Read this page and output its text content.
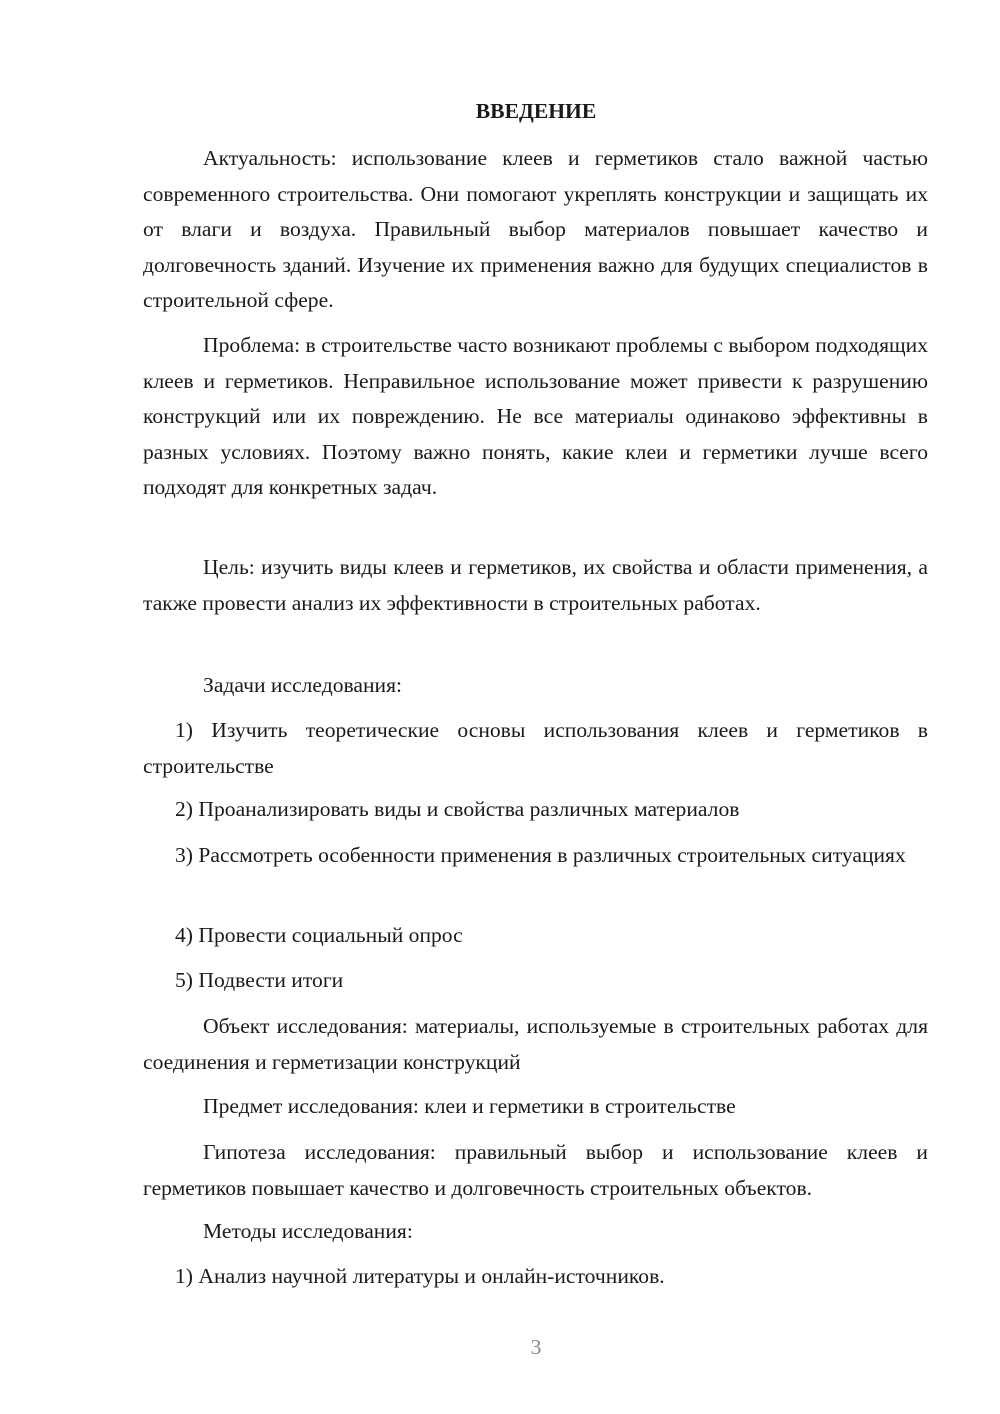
ВВЕДЕНИЕ

Актуальность: использование клеев и герметиков стало важной частью современного строительства. Они помогают укреплять конструкции и защищать их от влаги и воздуха. Правильный выбор материалов повышает качество и долговечность зданий. Изучение их применения важно для будущих специалистов в строительной сфере.

Проблема: в строительстве часто возникают проблемы с выбором подходящих клеев и герметиков. Неправильное использование может привести к разрушению конструкций или их повреждению. Не все материалы одинаково эффективны в разных условиях. Поэтому важно понять, какие клеи и герметики лучше всего подходят для конкретных задач.

Цель: изучить виды клеев и герметиков, их свойства и области применения, а также провести анализ их эффективности в строительных работах.

Задачи исследования:

1) Изучить теоретические основы использования клеев и герметиков в строительстве

2) Проанализировать виды и свойства различных материалов

3) Рассмотреть особенности применения в различных строительных ситуациях

4) Провести социальный опрос

5) Подвести итоги

Объект исследования: материалы, используемые в строительных работах для соединения и герметизации конструкций

Предмет исследования: клеи и герметики в строительстве

Гипотеза исследования: правильный выбор и использование клеев и герметиков повышает качество и долговечность строительных объектов.

Методы исследования:

1) Анализ научной литературы и онлайн-источников.

3
